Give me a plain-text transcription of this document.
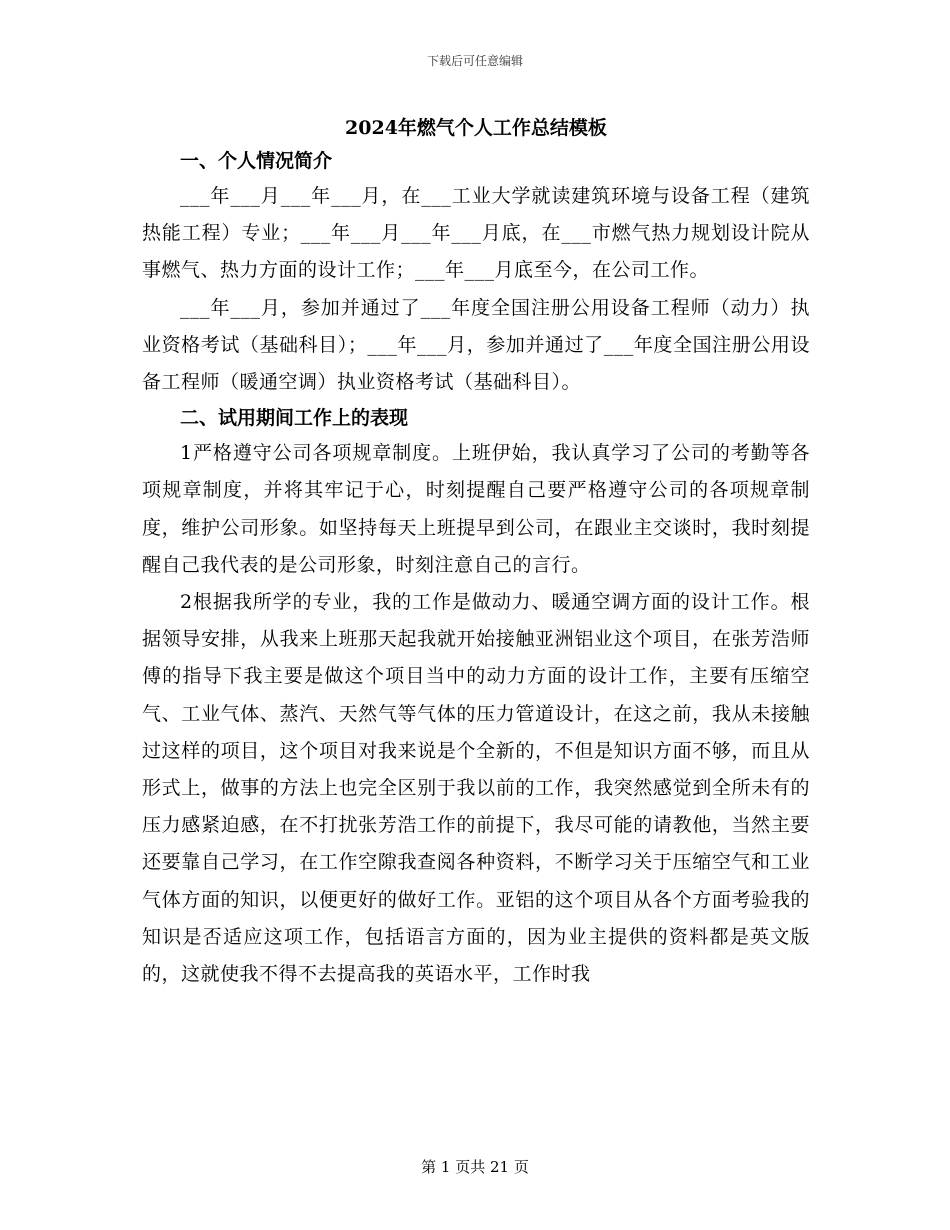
下载后可任意编辑
2024年燃气个人工作总结模板
一、个人情况简介

___年___月___年___月，在___工业大学就读建筑环境与设备工程（建筑热能工程）专业；___年___月___年___月底，在___市燃气热力规划设计院从事燃气、热力方面的设计工作；___年___月底至今，在公司工作。

___年___月，参加并通过了___年度全国注册公用设备工程师（动力）执业资格考试（基础科目）；___年___月，参加并通过了___年度全国注册公用设备工程师（暖通空调）执业资格考试（基础科目）。

二、试用期间工作上的表现

1严格遵守公司各项规章制度。上班伊始，我认真学习了公司的考勤等各项规章制度，并将其牢记于心，时刻提醒自己要严格遵守公司的各项规章制度，维护公司形象。如坚持每天上班提早到公司，在跟业主交谈时，我时刻提醒自己我代表的是公司形象，时刻注意自己的言行。

2根据我所学的专业，我的工作是做动力、暖通空调方面的设计工作。根据领导安排，从我来上班那天起我就开始接触亚洲铝业这个项目，在张芳浩师傅的指导下我主要是做这个项目当中的动力方面的设计工作，主要有压缩空气、工业气体、蒸汽、天然气等气体的压力管道设计，在这之前，我从未接触过这样的项目，这个项目对我来说是个全新的，不但是知识方面不够，而且从形式上，做事的方法上也完全区别于我以前的工作，我突然感觉到全所未有的压力感紧迫感，在不打扰张芳浩工作的前提下，我尽可能的请教他，当然主要还要靠自己学习，在工作空隙我查阅各种资料，不断学习关于压缩空气和工业气体方面的知识，以便更好的做好工作。亚铝的这个项目从各个方面考验我的知识是否适应这项工作，包括语言方面的，因为业主提供的资料都是英文版的，这就使我不得不去提高我的英语水平，工作时我

第 1 页共 21 页
